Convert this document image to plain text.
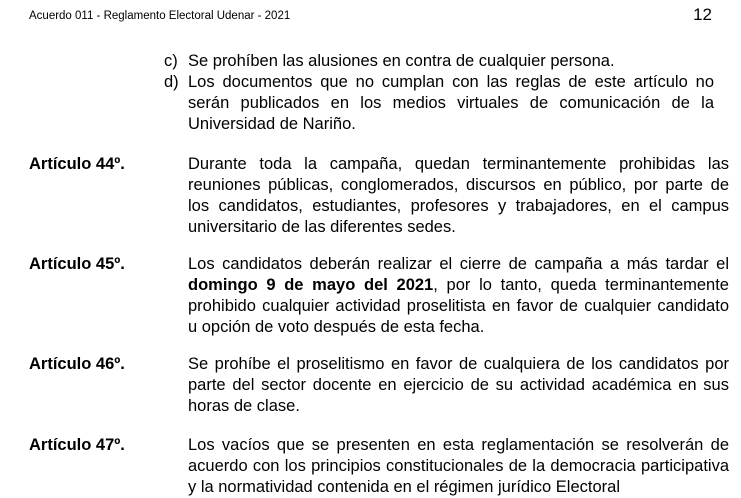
Acuerdo 011 - Reglamento Electoral Udenar - 2021	12
c) Se prohíben las alusiones en contra de cualquier persona.
d) Los documentos que no cumplan con las reglas de este artículo no serán publicados en los medios virtuales de comunicación de la Universidad de Nariño.
Artículo 44º.	Durante toda la campaña, quedan terminantemente prohibidas las reuniones públicas, conglomerados, discursos en público, por parte de los candidatos, estudiantes, profesores y trabajadores, en el campus universitario de las diferentes sedes.
Artículo 45º.	Los candidatos deberán realizar el cierre de campaña a más tardar el domingo 9 de mayo del 2021, por lo tanto, queda terminantemente prohibido cualquier actividad proselitista en favor de cualquier candidato u opción de voto después de esta fecha.
Artículo 46º.	Se prohíbe el proselitismo en favor de cualquiera de los candidatos por parte del sector docente en ejercicio de su actividad académica en sus horas de clase.
Artículo 47º.	Los vacíos que se presenten en esta reglamentación se resolverán de acuerdo con los principios constitucionales de la democracia participativa y la normatividad contenida en el régimen jurídico Electoral
